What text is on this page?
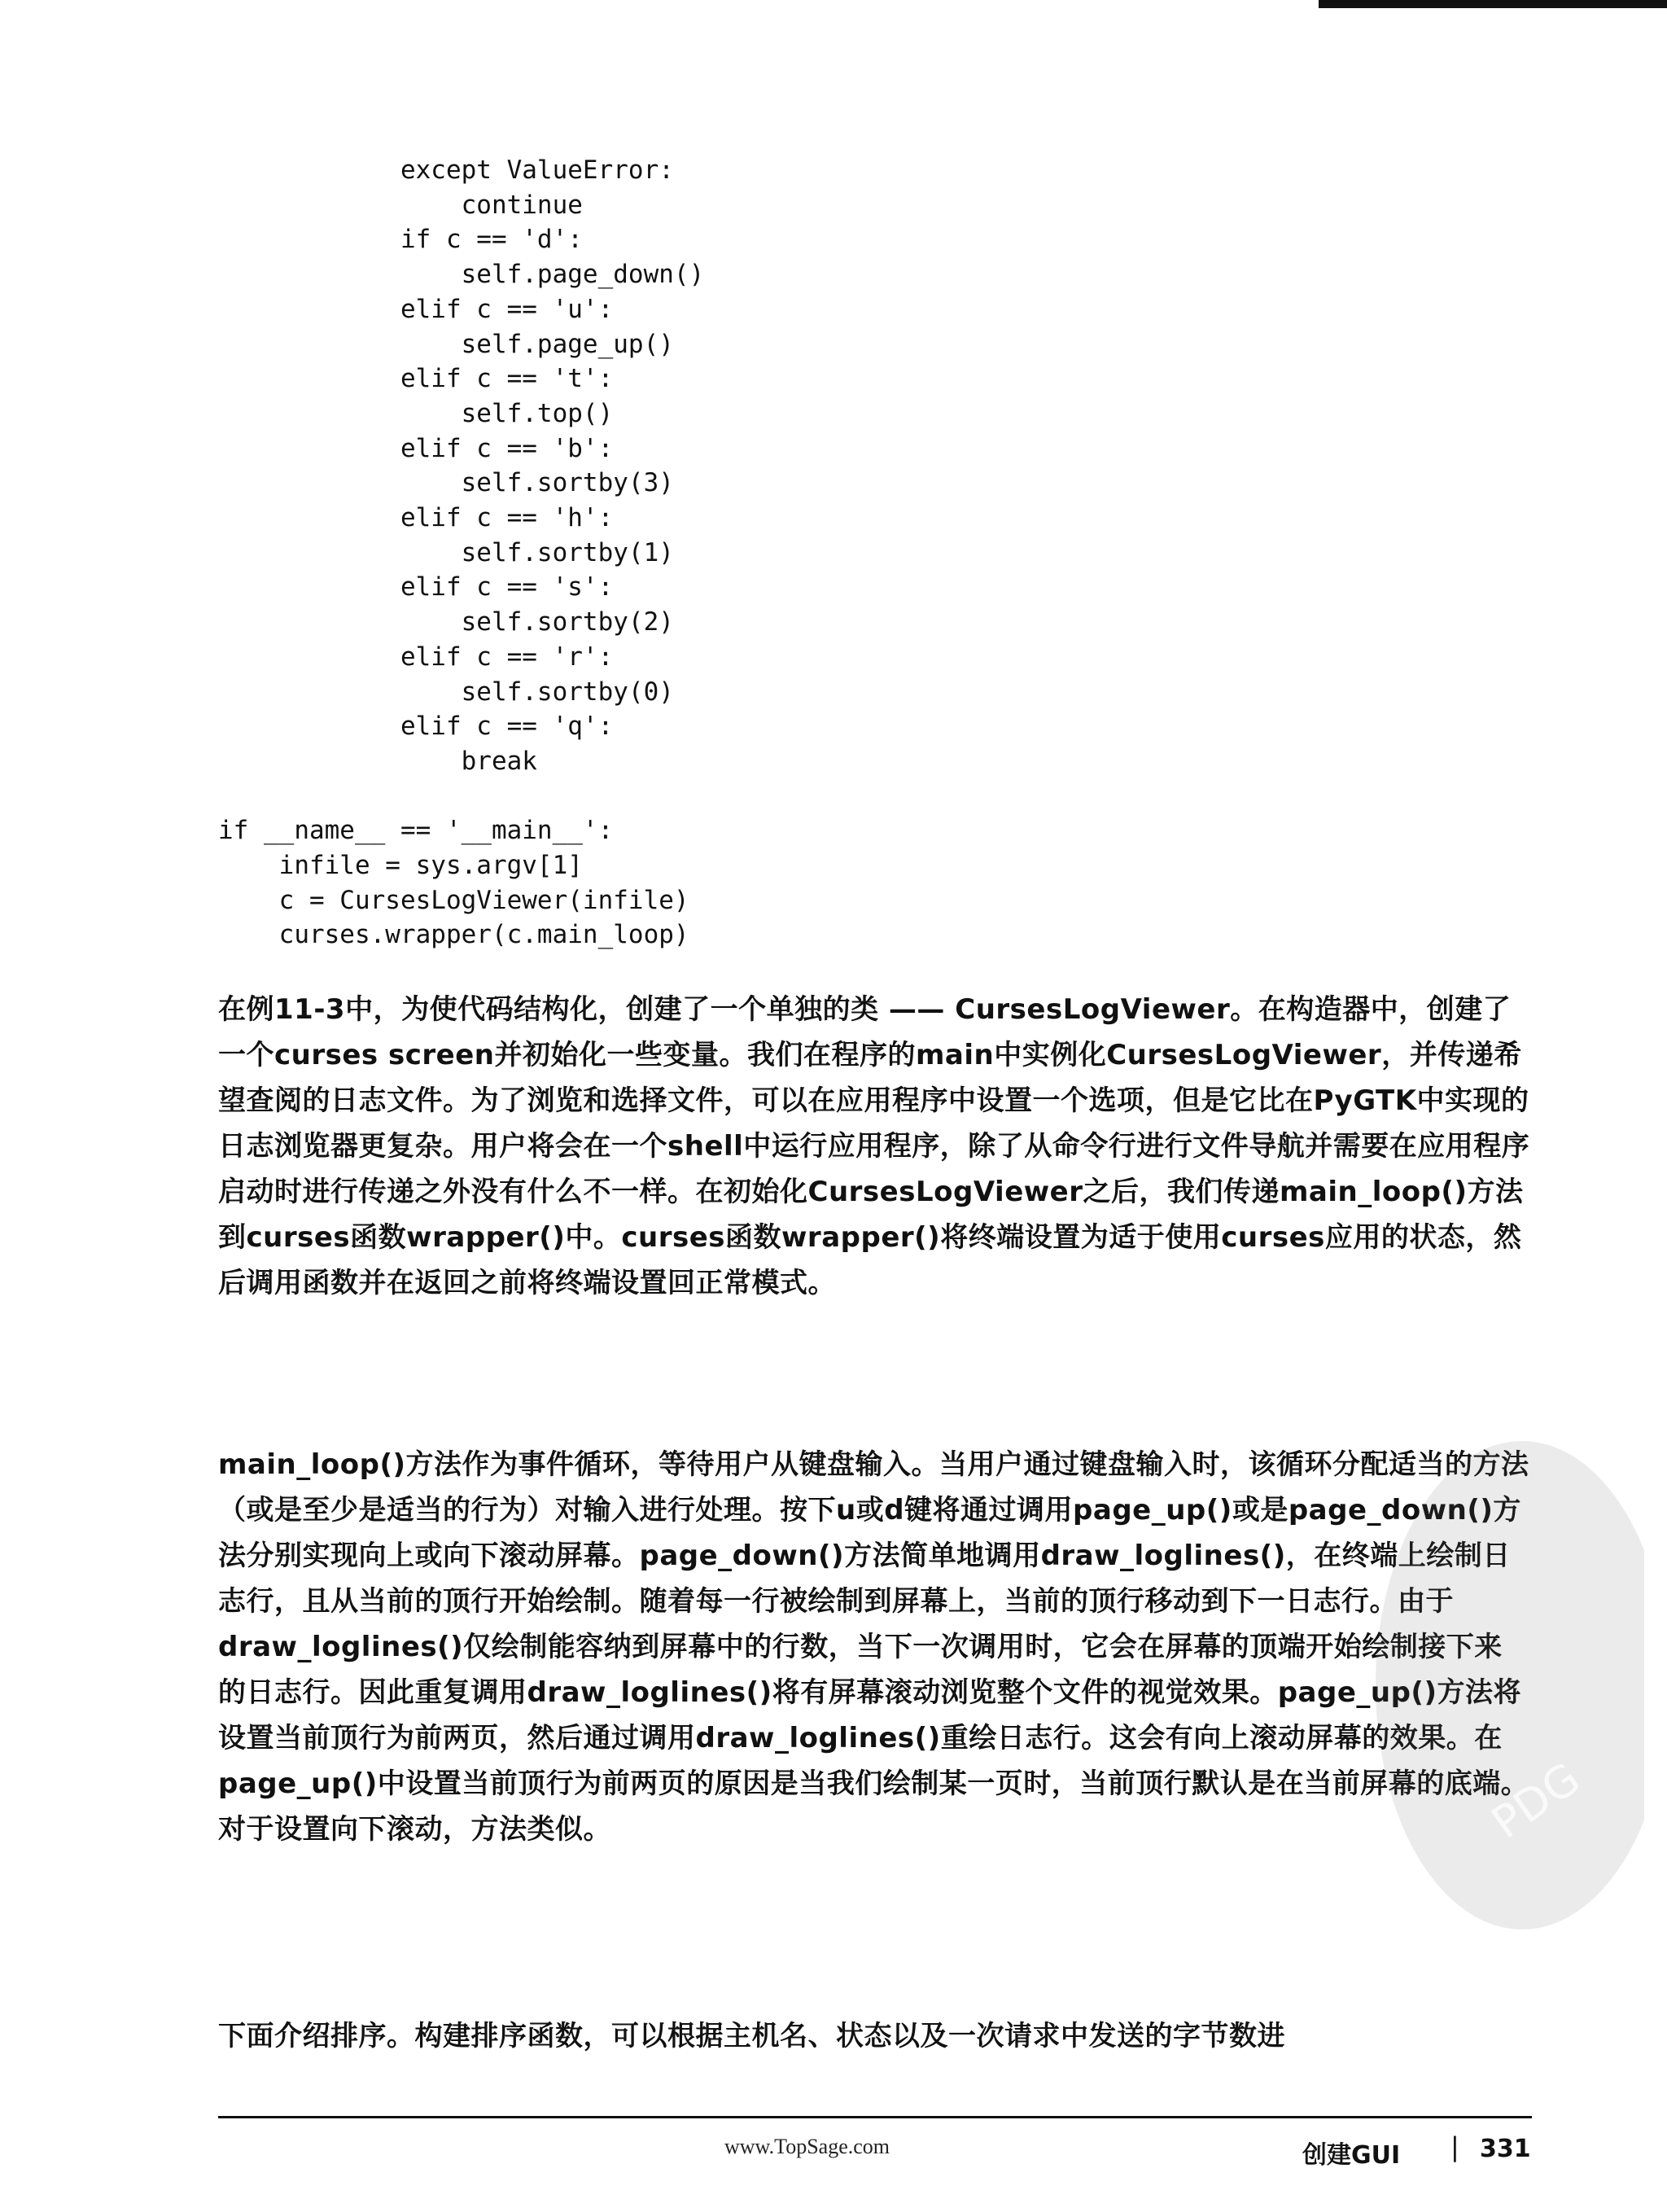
except ValueError:
continue
if c == 'd':
self.page_down()
elif c == 'u':
self.page_up()
elif c == 't':
self.top()
elif c == 'b':
self.sortby(3)
elif c == 'h':
self.sortby(1)
elif c == 's':
self.sortby(2)
elif c == 'r':
self.sortby(0)
elif c == 'q':
break

if __name__ == '__main__':
infile = sys.argv[1]
c = CursesLogViewer(infile)
curses.wrapper(c.main_loop)

在例11-3中，为使代码结构化，创建了一个单独的类 —— CursesLogViewer。在构造器中，创建了一个curses screen并初始化一些变量。我们在程序的main中实例化CursesLogViewer，并传递希望查阅的日志文件。为了浏览和选择文件，可以在应用程序中设置一个选项，但是它比在PyGTK中实现的日志浏览器更复杂。用户将会在一个shell中运行应用程序，除了从命令行进行文件导航并需要在应用程序启动时进行传递之外没有什么不一样。在初始化CursesLogViewer之后，我们传递main_loop()方法到curses函数wrapper()中。curses函数wrapper()将终端设置为适于使用curses应用的状态，然后调用函数并在返回之前将终端设置回正常模式。

main_loop()方法作为事件循环，等待用户从键盘输入。当用户通过键盘输入时，该循环分配适当的方法（或是至少是适当的行为）对输入进行处理。按下u或d键将通过调用page_up()或是page_down()方法分别实现向上或向下滚动屏幕。page_down()方法简单地调用draw_loglines()，在终端上绘制日志行，且从当前的顶行开始绘制。随着每一行被绘制到屏幕上，当前的顶行移动到下一日志行。由于draw_loglines()仅绘制能容纳到屏幕中的行数，当下一次调用时，它会在屏幕的顶端开始绘制接下来的日志行。因此重复调用draw_loglines()将有屏幕滚动浏览整个文件的视觉效果。page_up()方法将设置当前顶行为前两页，然后通过调用draw_loglines()重绘日志行。这会有向上滚动屏幕的效果。在page_up()中设置当前顶行为前两页的原因是当我们绘制某一页时，当前顶行默认是在当前屏幕的底端。对于设置向下滚动，方法类似。

下面介绍排序。构建排序函数，可以根据主机名、状态以及一次请求中发送的字节数进

PDG
www.TopSage.com	创建GUI | 331
